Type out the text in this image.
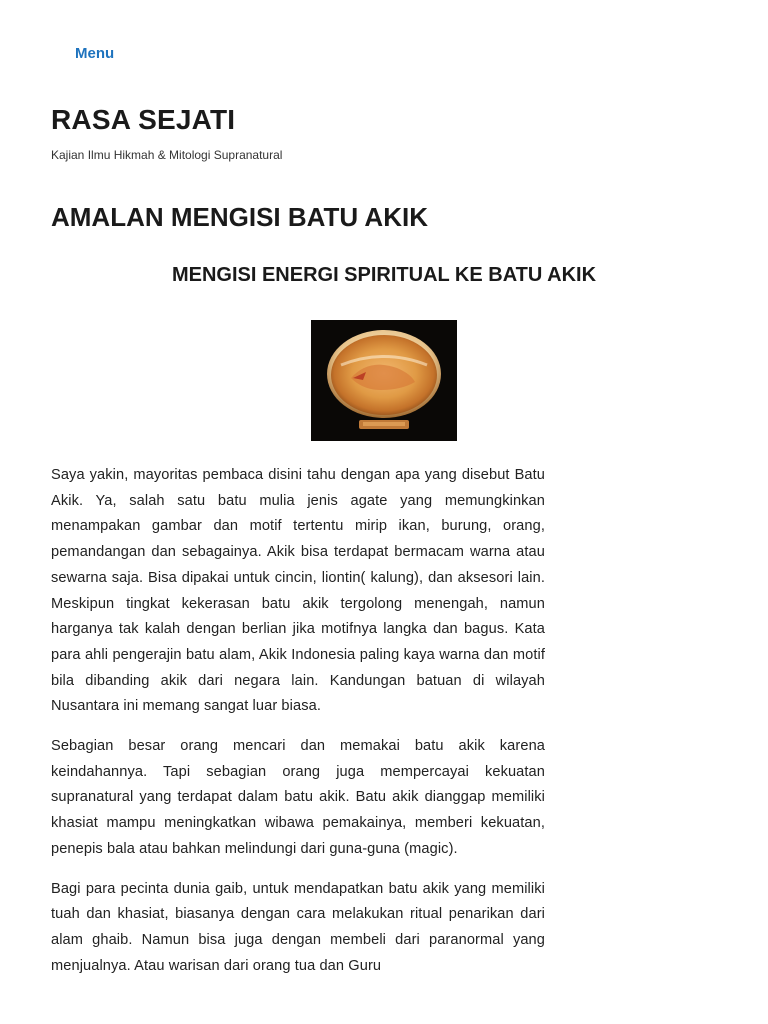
Menu
RASA SEJATI

Kajian Ilmu Hikmah & Mitologi Supranatural

AMALAN MENGISI BATU AKIK
MENGISI ENERGI SPIRITUAL KE BATU AKIK

Saya yakin, mayoritas pembaca disini tahu dengan apa yang disebut Batu Akik. Ya, salah satu batu mulia jenis agate yang memungkinkan menampakan gambar dan motif tertentu mirip ikan, burung, orang, pemandangan dan sebagainya. Akik bisa terdapat bermacam warna atau sewarna saja. Bisa dipakai untuk cincin, liontin( kalung), dan aksesori lain. Meskipun tingkat kekerasan batu akik tergolong menengah, namun harganya tak kalah dengan berlian jika motifnya langka dan bagus. Kata para ahli pengerajin batu alam, Akik Indonesia paling kaya warna dan motif bila dibanding akik dari negara lain. Kandungan batuan di wilayah Nusantara ini memang sangat luar biasa.

Sebagian besar orang mencari dan memakai batu akik karena keindahannya. Tapi sebagian orang juga mempercayai kekuatan supranatural yang terdapat dalam batu akik. Batu akik dianggap memiliki khasiat mampu meningkatkan wibawa pemakainya, memberi kekuatan, penepis bala atau bahkan melindungi dari guna-guna (magic).

Bagi para pecinta dunia gaib, untuk mendapatkan batu akik yang memiliki tuah dan khasiat, biasanya dengan cara melakukan ritual penarikan dari alam ghaib. Namun bisa juga dengan membeli dari paranormal yang menjualnya. Atau warisan dari orang tua dan Guru
